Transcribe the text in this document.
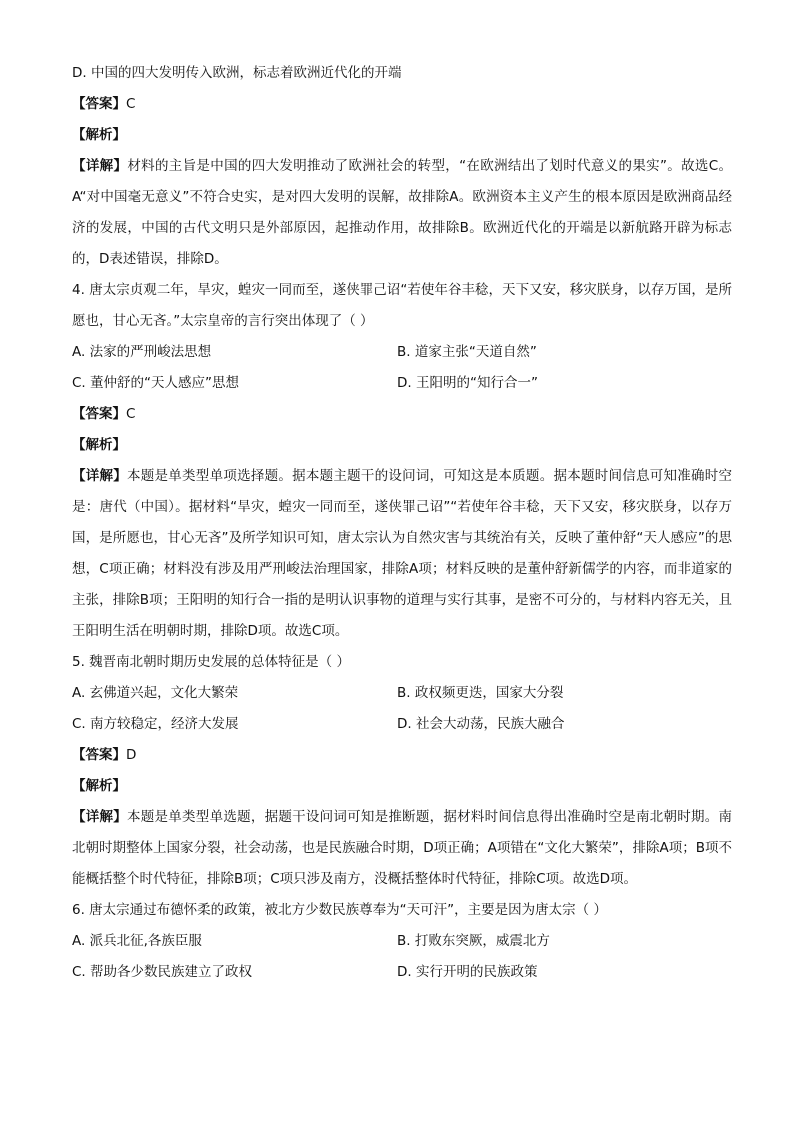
D. 中国的四大发明传入欧洲，标志着欧洲近代化的开端
【答案】C
【解析】
【详解】材料的主旨是中国的四大发明推动了欧洲社会的转型，“在欧洲结出了划时代意义的果实”。故选C。A“对中国毫无意义”不符合史实，是对四大发明的误解，故排除A。欧洲资本主义产生的根本原因是欧洲商品经济的发展，中国的古代文明只是外部原因，起推动作用，故排除B。欧洲近代化的开端是以新航路开辟为标志的，D表述错误，排除D。
4. 唐太宗贞观二年，旱灾，蝗灾一同而至，遂侠罪己诏“若使年谷丰稔，天下又安，移灾朕身，以存万国，是所愿也，甘心无吝。”太宗皇帝的言行突出体现了（ ）
A. 法家的严刑峻法思想	B. 道家主张“天道自然”
C. 董仲舒的“天人感应”思想	D. 王阳明的“知行合一”
【答案】C
【解析】
【详解】本题是单类型单项选择题。据本题主题干的设问词，可知这是本质题。据本题时间信息可知准确时空是：唐代（中国）。据材料“旱灾，蝗灾一同而至，遂侠罪己诏”“若使年谷丰稔，天下又安，移灾朕身，以存万国，是所愿也，甘心无吝”及所学知识可知，唐太宗认为自然灾害与其统治有关，反映了董仲舒“天人感应”的思想，C项正确；材料没有涉及用严刑峻法治理国家，排除A项；材料反映的是董仲舒新儒学的内容，而非道家的主张，排除B项；王阳明的知行合一指的是明认识事物的道理与实行其事，是密不可分的，与材料内容无关，且王阳明生活在明朝时期，排除D项。故选C项。
5. 魏晋南北朝时期历史发展的总体特征是（ ）
A. 玄佛道兴起，文化大繁荣	B. 政权频更迭，国家大分裂
C. 南方较稳定，经济大发展	D. 社会大动荡，民族大融合
【答案】D
【解析】
【详解】本题是单类型单选题，据题干设问词可知是推断题，据材料时间信息得出准确时空是南北朝时期。南北朝时期整体上国家分裂，社会动荡，也是民族融合时期，D项正确；A项错在“文化大繁荣”，排除A项；B项不能概括整个时代特征，排除B项；C项只涉及南方，没概括整体时代特征，排除C项。故选D项。
6. 唐太宗通过布德怀柔的政策，被北方少数民族尊奉为“天可汗”，主要是因为唐太宗（ ）
A. 派兵北征,各族臣服	B. 打败东突厥，威震北方
C. 帮助各少数民族建立了政权	D. 实行开明的民族政策
